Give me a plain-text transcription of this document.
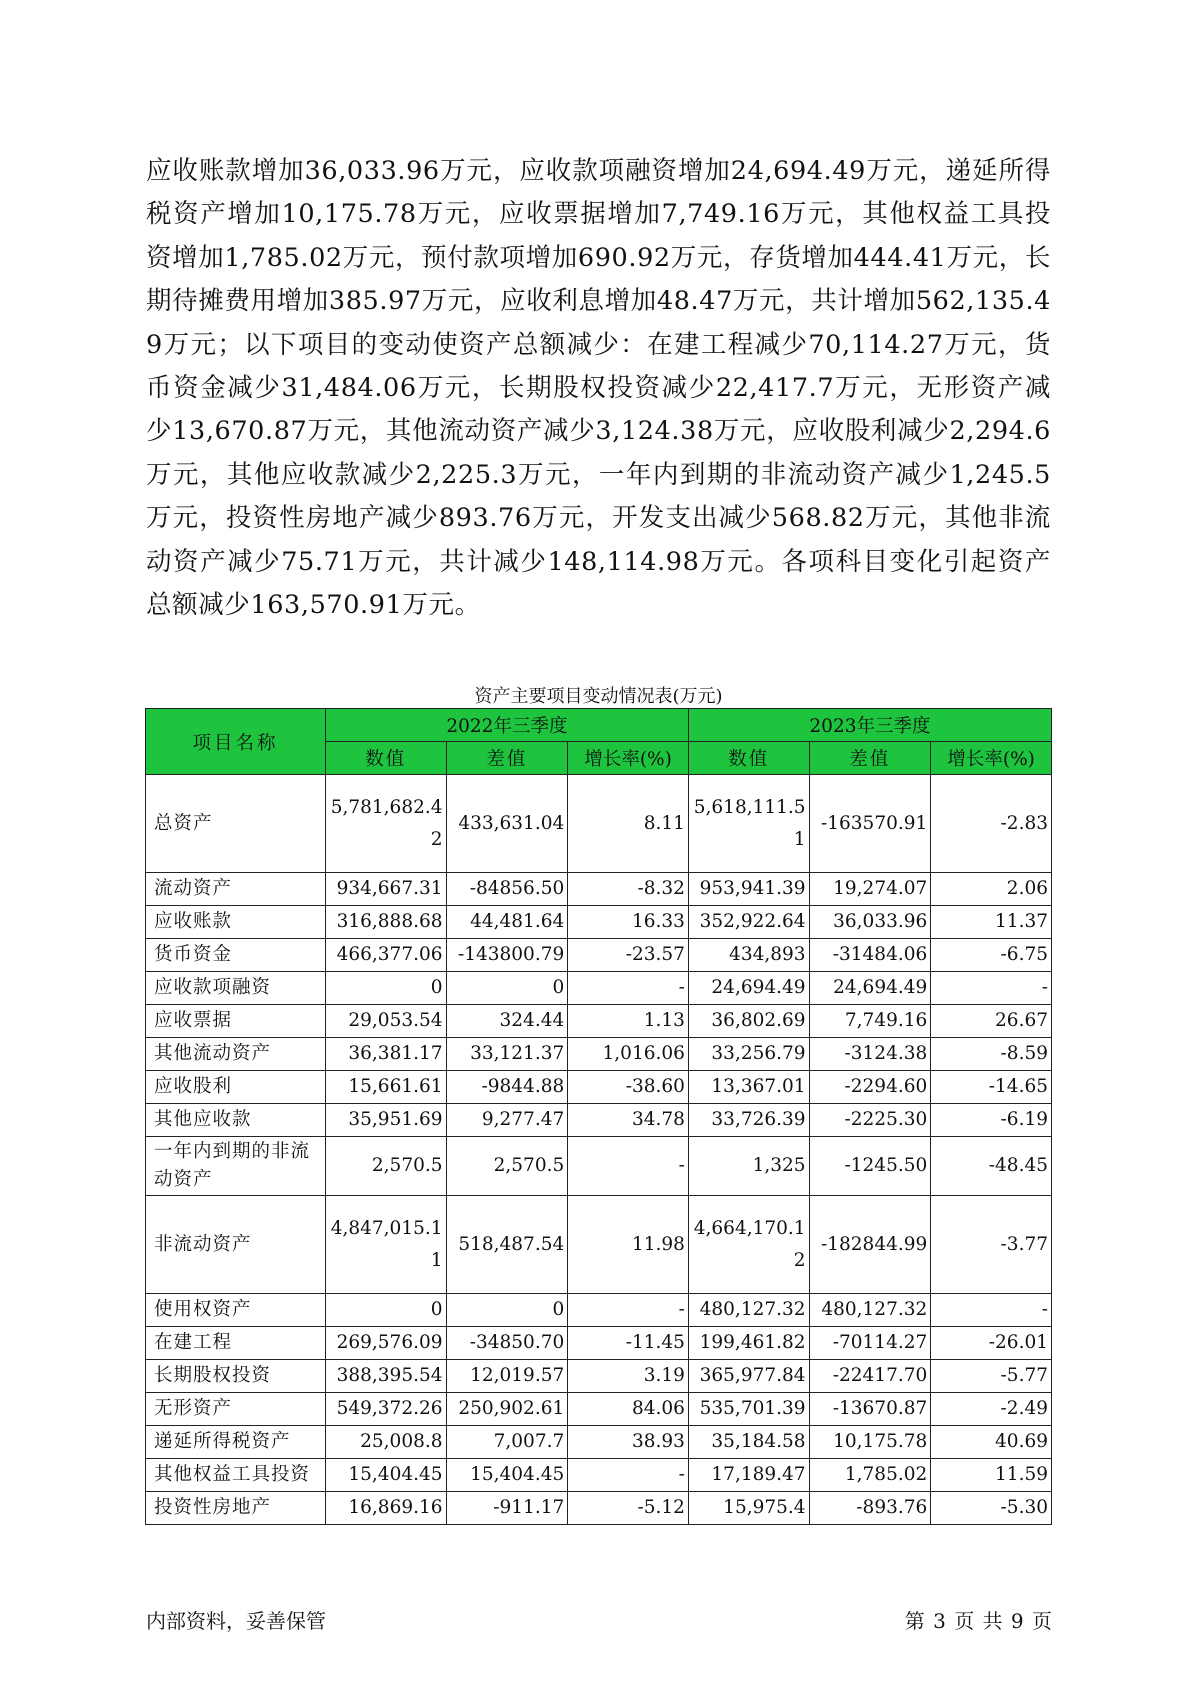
应收账款增加36,033.96万元，应收款项融资增加24,694.49万元，递延所得税资产增加10,175.78万元，应收票据增加7,749.16万元，其他权益工具投资增加1,785.02万元，预付款项增加690.92万元，存货增加444.41万元，长期待摊费用增加385.97万元，应收利息增加48.47万元，共计增加562,135.49万元；以下项目的变动使资产总额减少：在建工程减少70,114.27万元，货币资金减少31,484.06万元，长期股权投资减少22,417.7万元，无形资产减少13,670.87万元，其他流动资产减少3,124.38万元，应收股利减少2,294.6万元，其他应收款减少2,225.3万元，一年内到期的非流动资产减少1,245.5万元，投资性房地产减少893.76万元，开发支出减少568.82万元，其他非流动资产减少75.71万元，共计减少148,114.98万元。各项科目变化引起资产总额减少163,570.91万元。

资产主要项目变动情况表(万元)

项目名称	2022年三季度			2023年三季度		
	数值	差值	增长率(%)	数值	差值	增长率(%)
总资产	5,781,682.42	433,631.04	8.11	5,618,111.51	-163570.91	-2.83
流动资产	934,667.31	-84856.50	-8.32	953,941.39	19,274.07	2.06
应收账款	316,888.68	44,481.64	16.33	352,922.64	36,033.96	11.37
货币资金	466,377.06	-143800.79	-23.57	434,893	-31484.06	-6.75
应收款项融资	0	0	-	24,694.49	24,694.49	-
应收票据	29,053.54	324.44	1.13	36,802.69	7,749.16	26.67
其他流动资产	36,381.17	33,121.37	1,016.06	33,256.79	-3124.38	-8.59
应收股利	15,661.61	-9844.88	-38.60	13,367.01	-2294.60	-14.65
其他应收款	35,951.69	9,277.47	34.78	33,726.39	-2225.30	-6.19
一年内到期的非流动资产	2,570.5	2,570.5	-	1,325	-1245.50	-48.45
非流动资产	4,847,015.11	518,487.54	11.98	4,664,170.12	-182844.99	-3.77
使用权资产	0	0	-	480,127.32	480,127.32	-
在建工程	269,576.09	-34850.70	-11.45	199,461.82	-70114.27	-26.01
长期股权投资	388,395.54	12,019.57	3.19	365,977.84	-22417.70	-5.77
无形资产	549,372.26	250,902.61	84.06	535,701.39	-13670.87	-2.49
递延所得税资产	25,008.8	7,007.7	38.93	35,184.58	10,175.78	40.69
其他权益工具投资	15,404.45	15,404.45	-	17,189.47	1,785.02	11.59
投资性房地产	16,869.16	-911.17	-5.12	15,975.4	-893.76	-5.30
内部资料，妥善保管	第 3 页 共 9 页
